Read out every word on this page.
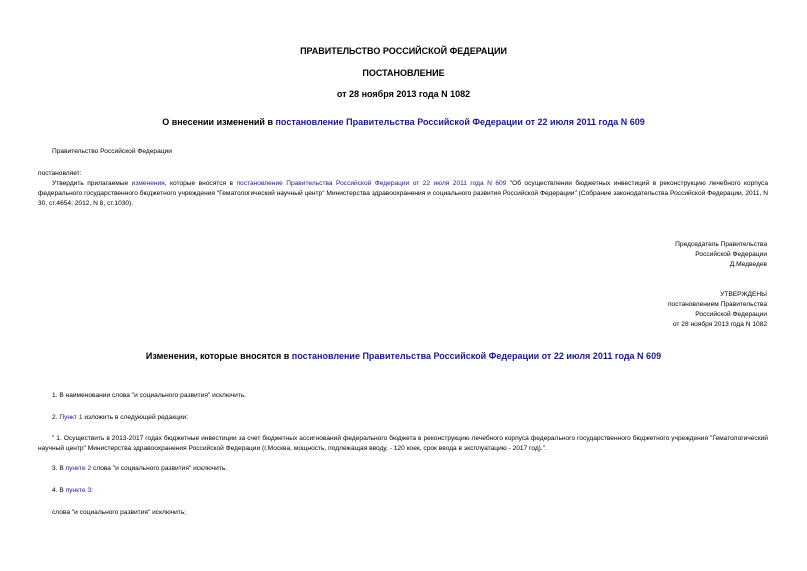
ПРАВИТЕЛЬСТВО РОССИЙСКОЙ ФЕДЕРАЦИИ
ПОСТАНОВЛЕНИЕ
от 28 ноября 2013 года N 1082
О внесении изменений в постановление Правительства Российской Федерации от 22 июля 2011 года N 609
Правительство Российской Федерации
постановляет:
Утвердить прилагаемые изменения, которые вносятся в постановление Правительства Российской Федерации от 22 июля 2011 года N 609 "Об осуществлении бюджетных инвестиций в реконструкцию лечебного корпуса федерального государственного бюджетного учреждения "Гематологический научный центр" Министерства здравоохранения и социального развития Российской Федерации" (Собрание законодательства Российской Федерации, 2011, N 30, ст.4654; 2012, N 8, ст.1030).
Председатель Правительства
Российской Федерации
Д.Медведев
УТВЕРЖДЕНЫ
постановлением Правительства
Российской Федерации
от 28 ноября 2013 года N 1082
Изменения, которые вносятся в постановление Правительства Российской Федерации от 22 июля 2011 года N 609
1. В наименовании слова "и социального развития" исключить.
2. Пункт 1 изложить в следующей редакции:
" 1. Осуществить в 2013-2017 годах бюджетные инвестиции за счет бюджетных ассигнований федерального бюджета в реконструкцию лечебного корпуса федерального государственного бюджетного учреждения "Гематологический научный центр" Министерства здравоохранения Российской Федерации (г.Москва, мощность, подлежащая вводу, - 120 коек, срок ввода в эксплуатацию - 2017 год).".
3. В пункте 2 слова "и социального развития" исключить.
4. В пункте 3:
слова "и социального развития" исключить;
